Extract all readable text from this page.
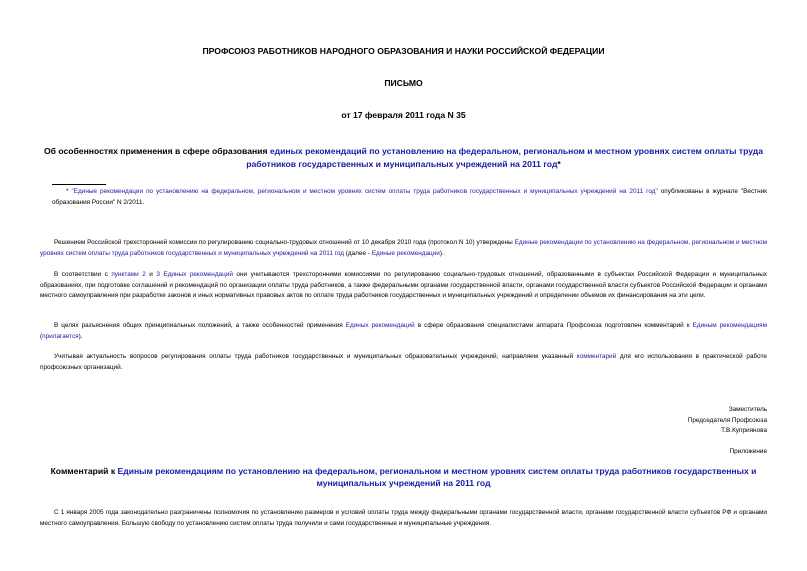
ПРОФСОЮЗ РАБОТНИКОВ НАРОДНОГО ОБРАЗОВАНИЯ И НАУКИ РОССИЙСКОЙ ФЕДЕРАЦИИ
ПИСЬМО
от 17 февраля 2011 года N 35
Об особенностях применения в сфере образования единых рекомендаций по установлению на федеральном, региональном и местном уровнях систем оплаты труда работников государственных и муниципальных учреждений на 2011 год*
* "Единые рекомендации по установлению на федеральном, региональном и местном уровнях систем оплаты труда работников государственных и муниципальных учреждений на 2011 год" опубликованы в журнале "Вестник образования России" N 2/2011.
Решением Российской трехсторонней комиссии по регулированию социально-трудовых отношений от 10 декабря 2010 года (протокол N 10) утверждены Единые рекомендации по установлению на федеральном, региональном и местном уровнях систем оплаты труда работников государственных и муниципальных учреждений на 2011 год (далее - Единые рекомендации).
В соответствии с пунктами 2 и 3 Единых рекомендаций они учитываются трехсторонними комиссиями по регулированию социально-трудовых отношений, образованными в субъектах Российской Федерации и муниципальных образованиях, при подготовке соглашений и рекомендаций по организации оплаты труда работников, а также федеральными органами государственной власти, органами государственной власти субъектов Российской Федерации и органами местного самоуправления при разработке законов и иных нормативных правовых актов по оплате труда работников государственных и муниципальных учреждений и определении объемов их финансирования на эти цели.
В целях разъяснения общих принципиальных положений, а также особенностей применения Единых рекомендаций в сфере образования специалистами аппарата Профсоюза подготовлен комментарий к Единым рекомендациям (прилагается).
Учитывая актуальность вопросов регулирования оплаты труда работников государственных и муниципальных образовательных учреждений, направляем указанный комментарий для его использования в практической работе профсоюзных организаций.
Заместитель
Председателя Профсоюза
Т.В.Куприянова
Приложение
Комментарий к Единым рекомендациям по установлению на федеральном, региональном и местном уровнях систем оплаты труда работников государственных и муниципальных учреждений на 2011 год
С 1 января 2005 года законодательно разграничены полномочия по установлению размеров и условий оплаты труда между федеральными органами государственной власти, органами государственной власти субъектов РФ и органами местного самоуправления. Большую свободу по установлению систем оплаты труда получили и сами государственные и муниципальные учреждения.
